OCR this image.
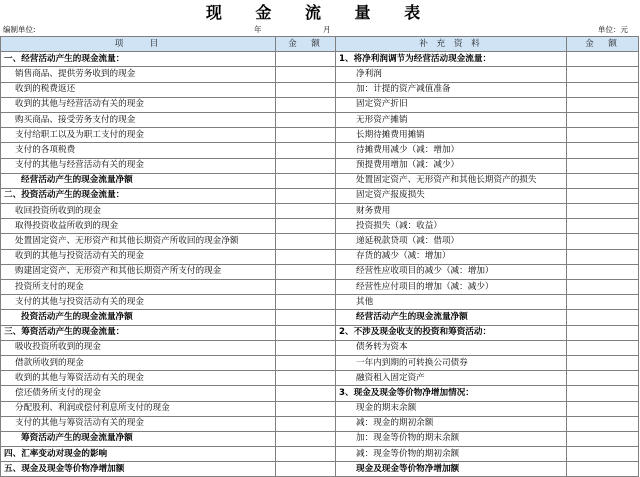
现 金 流 量 表
编制单位:	年	月	单位：元
项　　目	金　额	补 充 资 料	金　额
一、经营活动产生的现金流量：		1、将净利润调节为经营活动现金流量：	
销售商品、提供劳务收到的现金		净利润	
收到的税费返还		加：计提的资产减值准备	
收到的其他与经营活动有关的现金		固定资产折旧	
购买商品、接受劳务支付的现金		无形资产摊销	
支付给职工以及为职工支付的现金		长期待摊费用摊销	
支付的各项税费		待摊费用减少（减：增加）	
支付的其他与经营活动有关的现金		预提费用增加（减：减少）	
经营活动产生的现金流量净额		处置固定资产、无形资产和其他长期资产的损失	
二、投资活动产生的现金流量：		固定资产报废损失	
收回投资所收到的现金		财务费用	
取得投资收益所收到的现金		投资损失（减：收益）	
处置固定资产、无形资产和其他长期资产所收回的现金净额		递延税款贷项（减：借项）	
收到的其他与投资活动有关的现金		存货的减少（减：增加）	
购建固定资产、无形资产和其他长期资产所支付的现金		经营性应收项目的减少（减：增加）	
投资所支付的现金		经营性应付项目的增加（减：减少）	
支付的其他与投资活动有关的现金		其他	
投资活动产生的现金流量净额		经营活动产生的现金流量净额	
三、筹资活动产生的现金流量：		2、不涉及现金收支的投资和筹资活动：	
吸收投资所收到的现金		债务转为资本	
借款所收到的现金		一年内到期的可转换公司债券	
收到的其他与筹资活动有关的现金		融资租入固定资产	
偿还债务所支付的现金		3、现金及现金等价物净增加情况：	
分配股利、利润或偿付利息所支付的现金		现金的期末余额	
支付的其他与筹资活动有关的现金		减：现金的期初余额	
筹资活动产生的现金流量净额		加：现金等价物的期末余额	
四、汇率变动对现金的影响		减：现金等价物的期初余额	
五、现金及现金等价物净增加额		现金及现金等价物净增加额	
